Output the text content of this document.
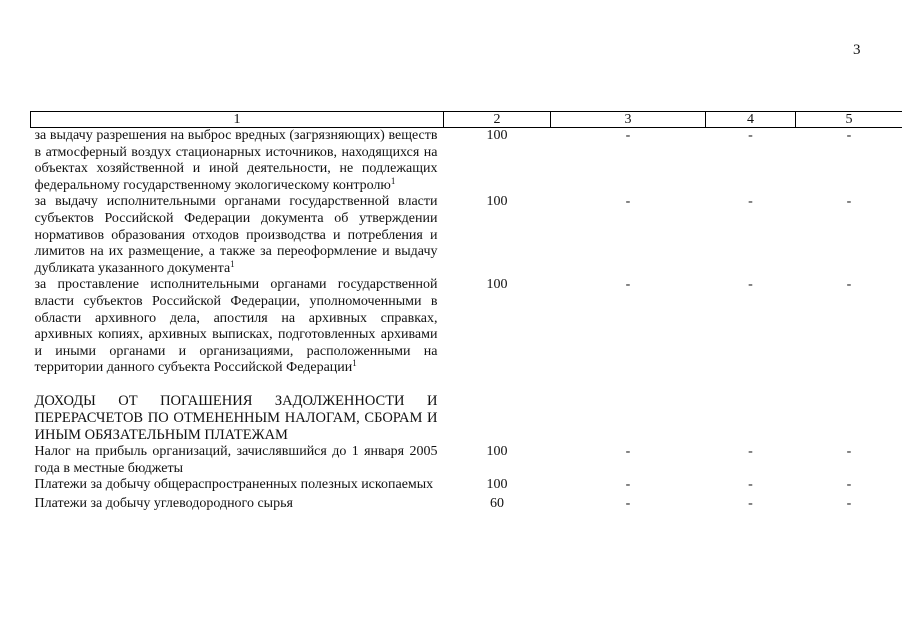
3
1	2	3	4	5
за выдачу разрешения на выброс вредных (загрязняющих) веществ в атмосферный воздух стационарных источников, находящихся на объектах хозяйственной и иной деятельности, не подлежащих федеральному государственному экологическому контролю$^1$	100	-	-	-
за выдачу исполнительными органами государственной власти субъектов Российской Федерации документа об утверждении нормативов образования отходов производства и потребления и лимитов на их размещение, а также за переоформление и выдачу дубликата указанного документа$^1$	100	-	-	-
за проставление исполнительными органами государственной власти субъектов Российской Федерации, уполномоченными в области архивного дела, апостиля на архивных справках, архивных копиях, архивных выписках, подготовленных архивами и иными органами и организациями, расположенными на территории данного субъекта Российской Федерации$^1$	100	-	-	-

ДОХОДЫ ОТ ПОГАШЕНИЯ ЗАДОЛЖЕННОСТИ И ПЕРЕРАСЧЕТОВ ПО ОТМЕНЕННЫМ НАЛОГАМ, СБОРАМ И ИНЫМ ОБЯЗАТЕЛЬНЫМ ПЛАТЕЖАМ				
Налог на прибыль организаций, зачислявшийся до 1 января 2005 года в местные бюджеты	100	-	-	-
Платежи за добычу общераспространенных полезных ископаемых	100	-	-	-

Платежи за добычу углеводородного сырья	60	-	-	-
